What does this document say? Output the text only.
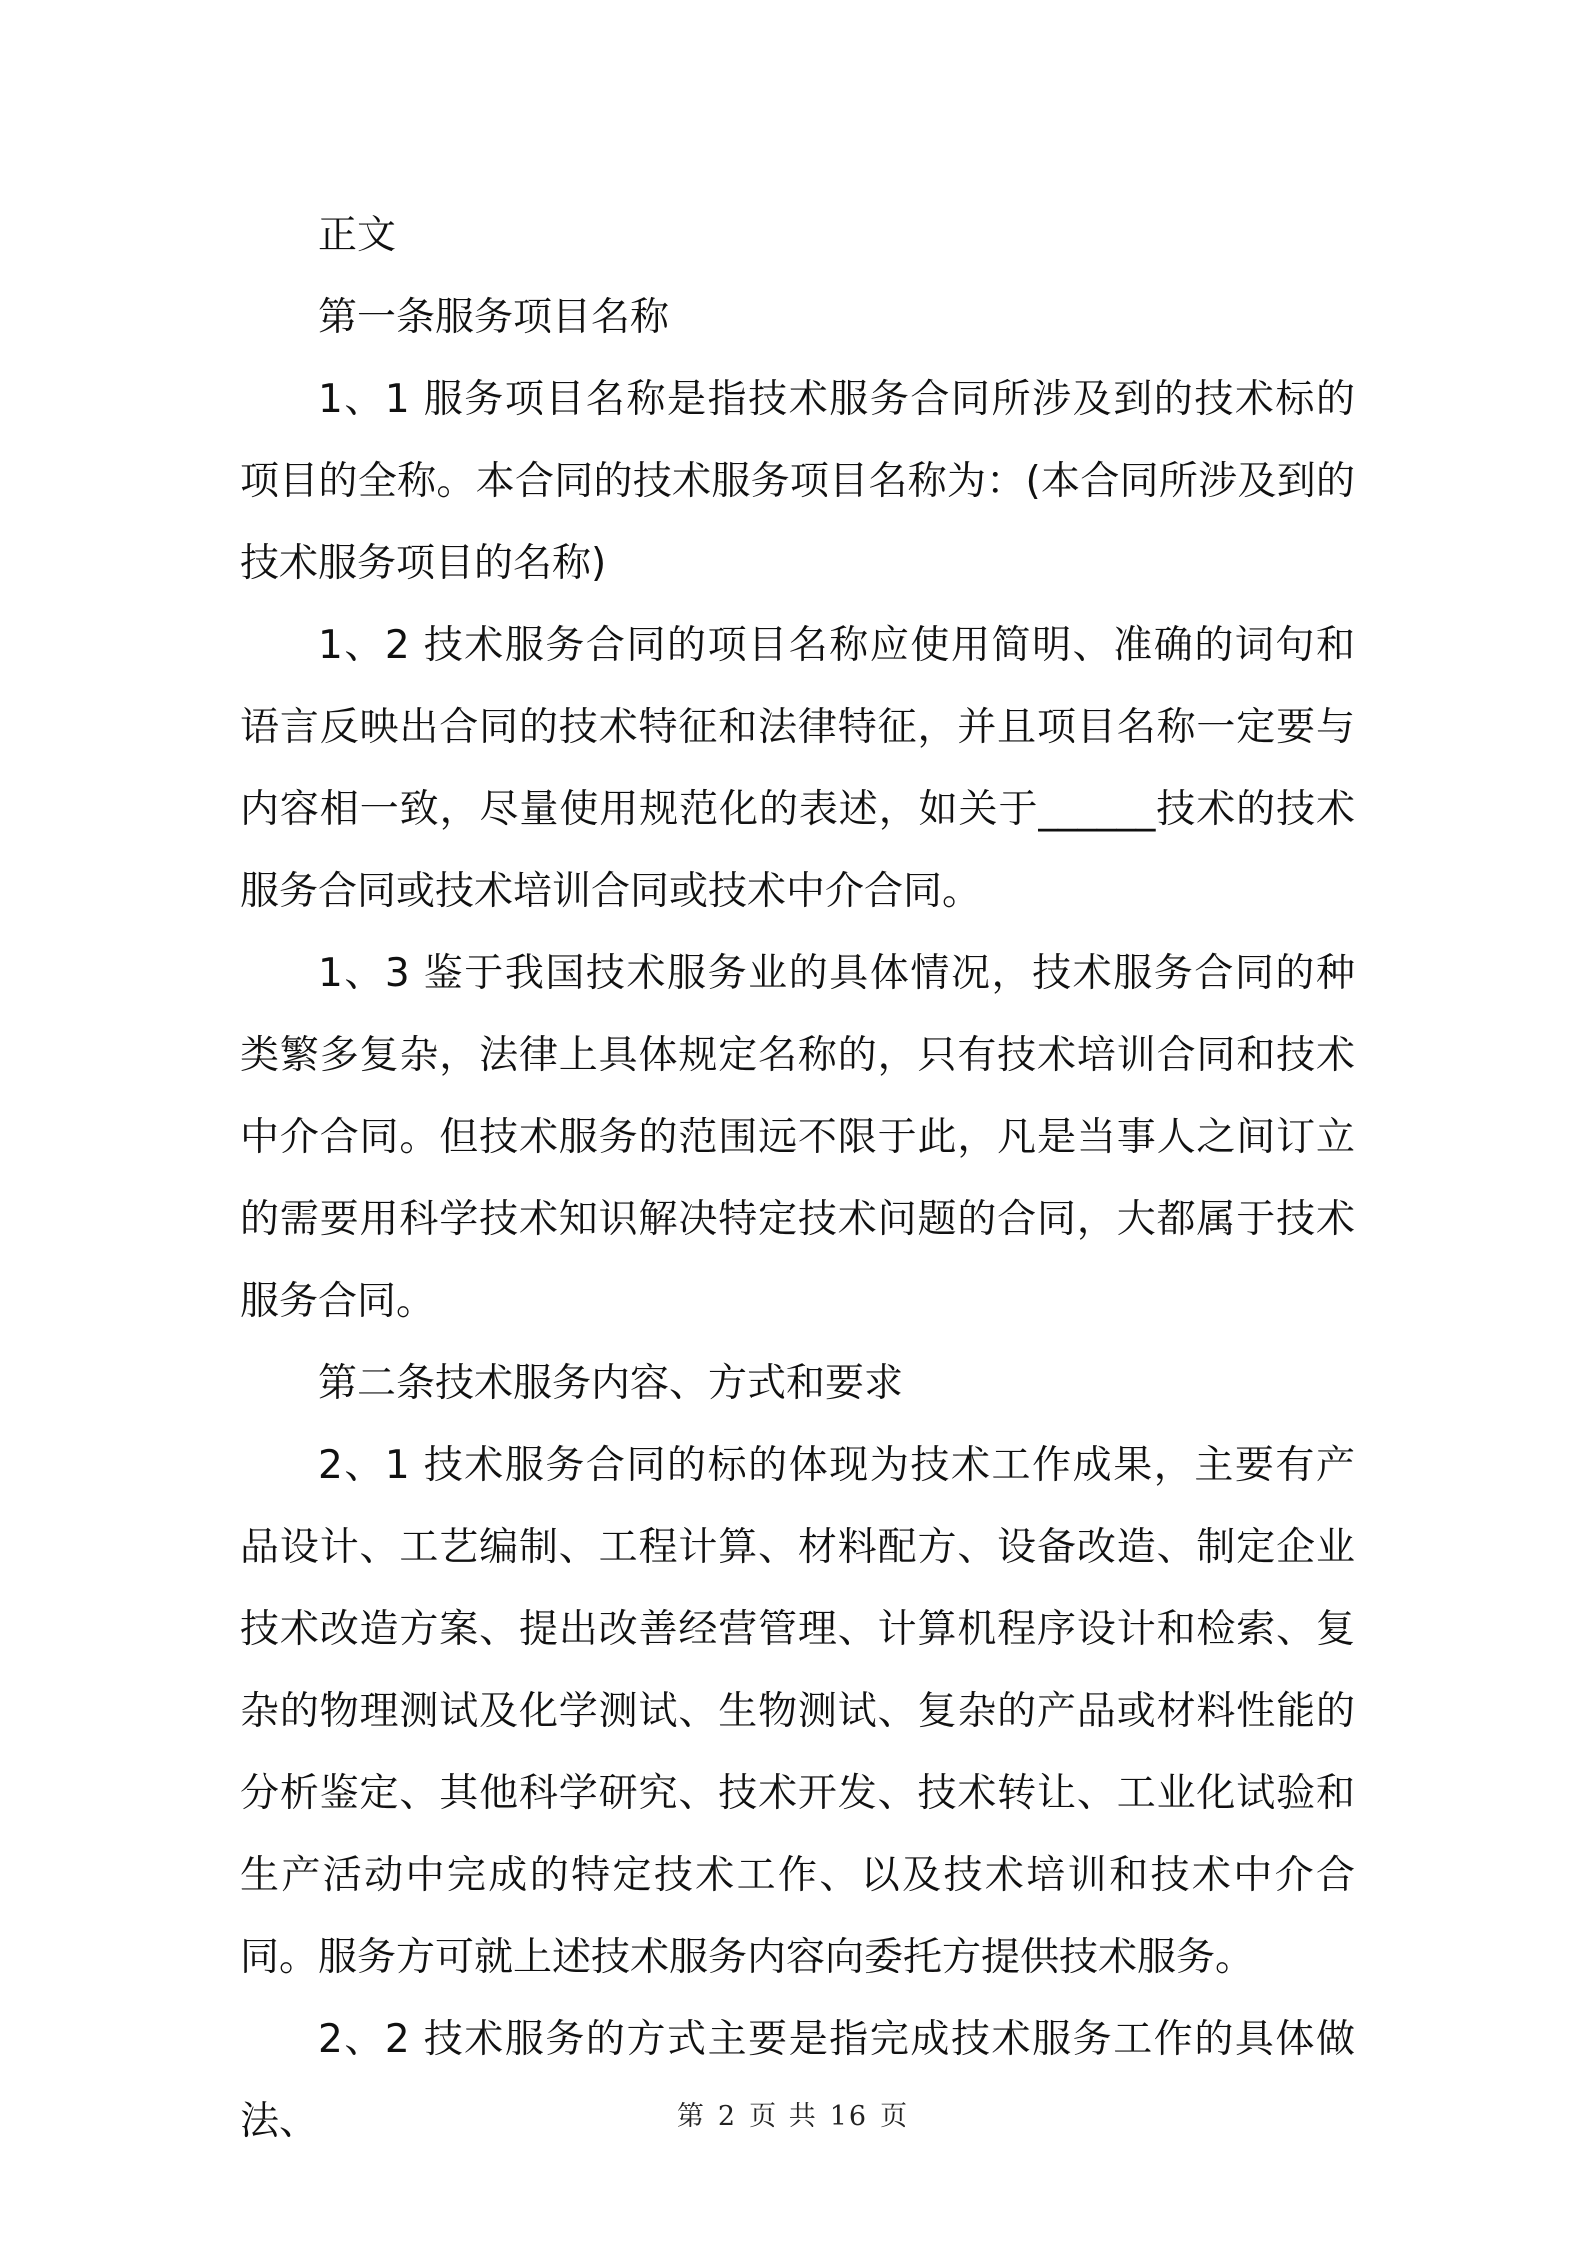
正文

第一条服务项目名称

1、1 服务项目名称是指技术服务合同所涉及到的技术标的项目的全称。本合同的技术服务项目名称为：(本合同所涉及到的技术服务项目的名称)

1、2 技术服务合同的项目名称应使用简明、准确的词句和语言反映出合同的技术特征和法律特征，并且项目名称一定要与内容相一致，尽量使用规范化的表述，如关于______技术的技术服务合同或技术培训合同或技术中介合同。

1、3 鉴于我国技术服务业的具体情况，技术服务合同的种类繁多复杂，法律上具体规定名称的，只有技术培训合同和技术中介合同。但技术服务的范围远不限于此，凡是当事人之间订立的需要用科学技术知识解决特定技术问题的合同，大都属于技术服务合同。

第二条技术服务内容、方式和要求

2、1 技术服务合同的标的体现为技术工作成果，主要有产品设计、工艺编制、工程计算、材料配方、设备改造、制定企业技术改造方案、提出改善经营管理、计算机程序设计和检索、复杂的物理测试及化学测试、生物测试、复杂的产品或材料性能的分析鉴定、其他科学研究、技术开发、技术转让、工业化试验和生产活动中完成的特定技术工作、以及技术培训和技术中介合同。服务方可就上述技术服务内容向委托方提供技术服务。

2、2 技术服务的方式主要是指完成技术服务工作的具体做法、	第 2 页 共 16 页
